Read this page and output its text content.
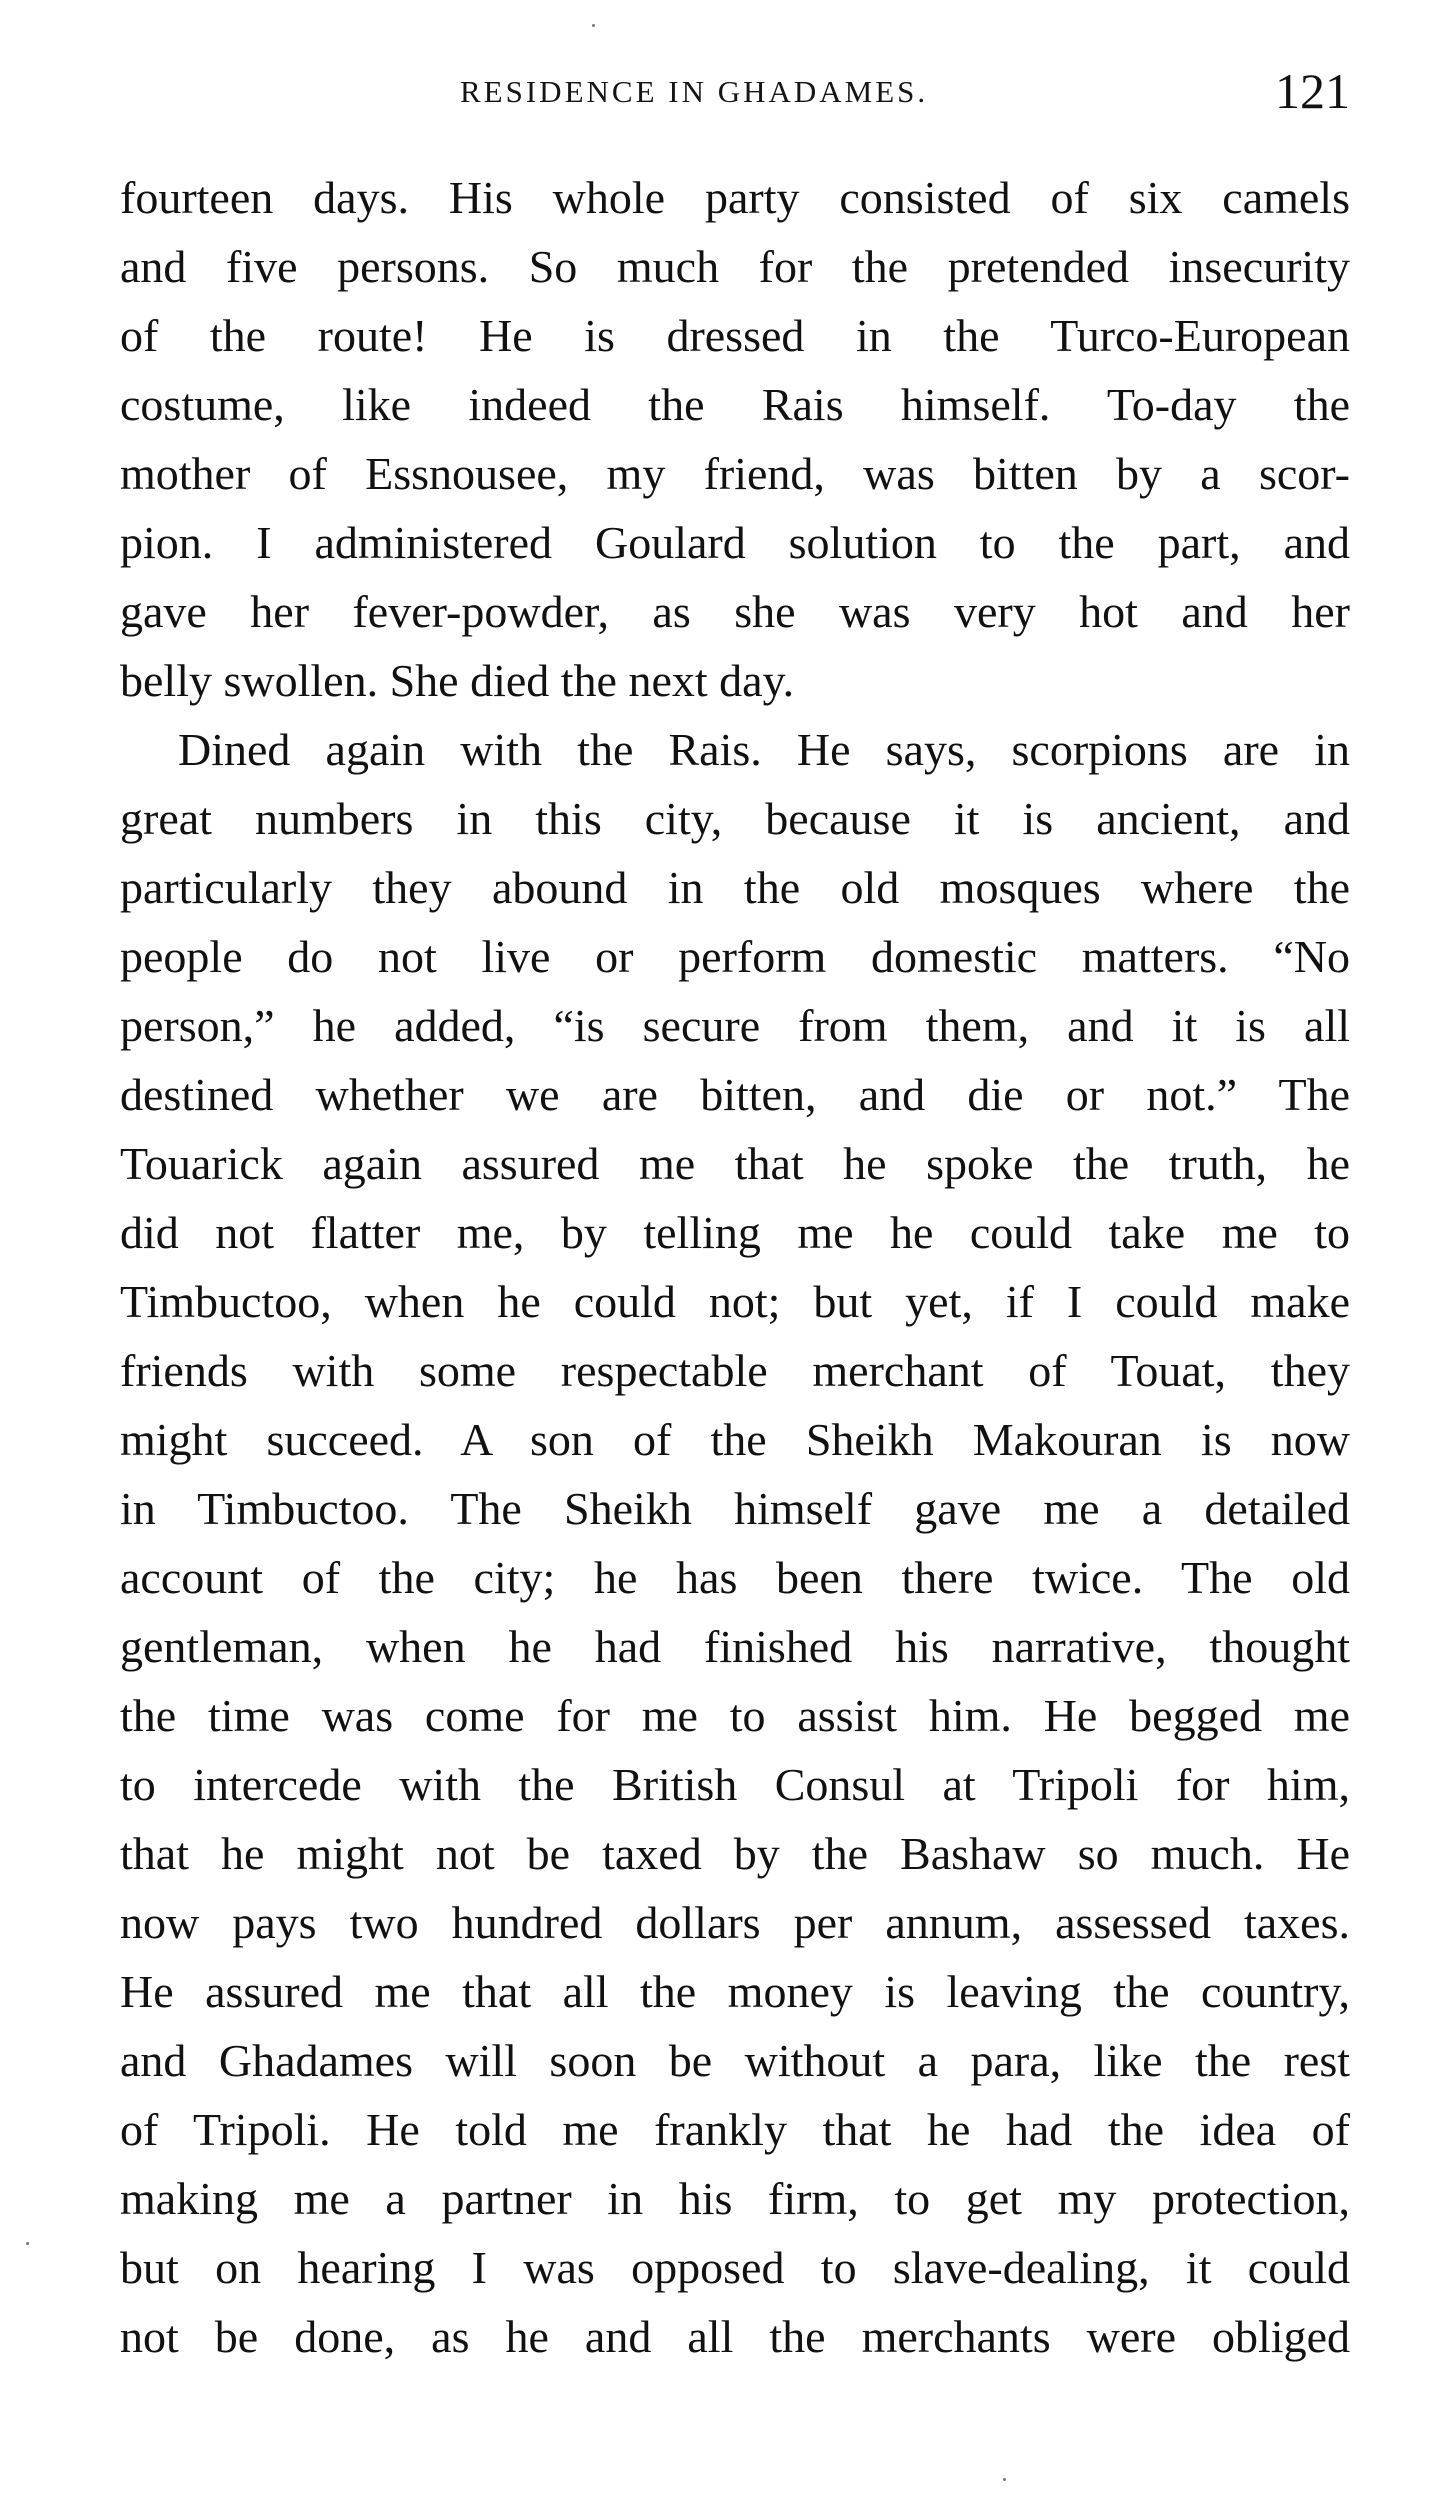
RESIDENCE IN GHADAMES.	121
fourteen days. His whole party consisted of six camels
and five persons. So much for the pretended insecurity
of the route! He is dressed in the Turco-European
costume, like indeed the Rais himself. To-day the
mother of Essnousee, my friend, was bitten by a scor-
pion. I administered Goulard solution to the part, and
gave her fever-powder, as she was very hot and her
belly swollen. She died the next day.
Dined again with the Rais. He says, scorpions are in
great numbers in this city, because it is ancient, and
particularly they abound in the old mosques where the
people do not live or perform domestic matters. “No
person,” he added, “is secure from them, and it is all
destined whether we are bitten, and die or not.” The
Touarick again assured me that he spoke the truth, he
did not flatter me, by telling me he could take me to
Timbuctoo, when he could not; but yet, if I could make
friends with some respectable merchant of Touat, they
might succeed. A son of the Sheikh Makouran is now
in Timbuctoo. The Sheikh himself gave me a detailed
account of the city; he has been there twice. The old
gentleman, when he had finished his narrative, thought
the time was come for me to assist him. He begged me
to intercede with the British Consul at Tripoli for him,
that he might not be taxed by the Bashaw so much. He
now pays two hundred dollars per annum, assessed taxes.
He assured me that all the money is leaving the country,
and Ghadames will soon be without a para, like the rest
of Tripoli. He told me frankly that he had the idea of
making me a partner in his firm, to get my protection,
but on hearing I was opposed to slave-dealing, it could
not be done, as he and all the merchants were obliged
